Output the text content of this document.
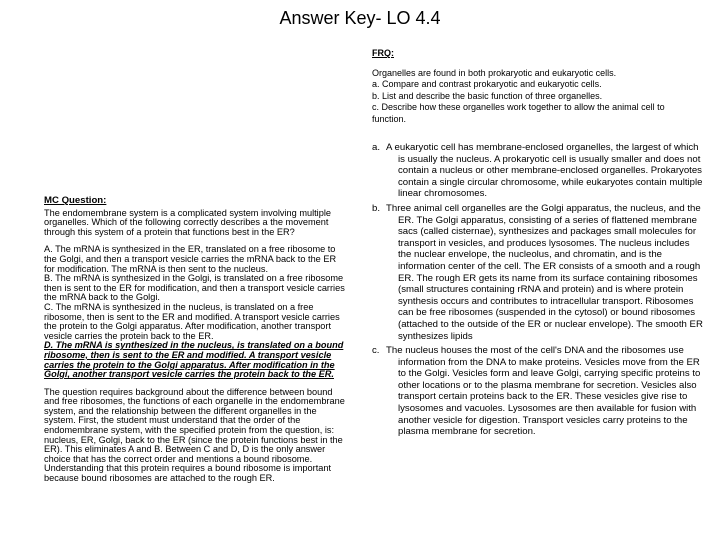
Answer Key- LO 4.4
FRQ:
Organelles are found in both prokaryotic and eukaryotic cells.
a. Compare and contrast prokaryotic and eukaryotic cells.
b. List and describe the basic function of three organelles.
c. Describe how these organelles work together to allow the animal cell to function.
a. A eukaryotic cell has membrane-enclosed organelles, the largest of which is usually the nucleus. A prokaryotic cell is usually smaller and does not contain a nucleus or other membrane-enclosed organelles. Prokaryotes contain a single circular chromosome, while eukaryotes contain multiple linear chromosomes.
b. Three animal cell organelles are the Golgi apparatus, the nucleus, and the ER. The Golgi apparatus, consisting of a series of flattened membrane sacs (called cisternae), synthesizes and packages small molecules for transport in vesicles, and produces lysosomes. The nucleus includes the nuclear envelope, the nucleolus, and chromatin, and is the information center of the cell. The ER consists of a smooth and a rough ER. The rough ER gets its name from its surface containing ribosomes (small structures containing rRNA and protein) and is where protein synthesis occurs and contributes to intracellular transport. Ribosomes can be free ribosomes (suspended in the cytosol) or bound ribosomes (attached to the outside of the ER or nuclear envelope). The smooth ER synthesizes lipids
c. The nucleus houses the most of the cell's DNA and the ribosomes use information from the DNA to make proteins. Vesicles move from the ER to the Golgi. Vesicles form and leave Golgi, carrying specific proteins to other locations or to the plasma membrane for secretion. Vesicles also transport certain proteins back to the ER. These vesicles give rise to lysosomes and vacuoles. Lysosomes are then available for fusion with another vesicle for digestion. Transport vesicles carry proteins to the plasma membrane for secretion.
MC Question:
The endomembrane system is a complicated system involving multiple organelles. Which of the following correctly describes a the movement through this system of a protein that functions best in the ER?
A. The mRNA is synthesized in the ER, translated on a free ribosome to the Golgi, and then a transport vesicle carries the mRNA back to the ER for modification. The mRNA is then sent to the nucleus.
B. The mRNA is synthesized in the Golgi, is translated on a free ribosome then is sent to the ER for modification, and then a transport vesicle carries the mRNA back to the Golgi.
C. The mRNA is synthesized in the nucleus, is translated on a free ribosome, then is sent to the ER and modified. A transport vesicle carries the protein to the Golgi apparatus. After modification, another transport vesicle carries the protein back to the ER.
D. The mRNA is synthesized in the nucleus, is translated on a bound ribosome, then is sent to the ER and modified. A transport vesicle carries the protein to the Golgi apparatus. After modification in the Golgi, another transport vesicle carries the protein back to the ER.
The question requires background about the difference between bound and free ribosomes, the functions of each organelle in the endomembrane system, and the relationship between the different organelles in the system. First, the student must understand that the order of the endomembrane system, with the specified protein from the question, is: nucleus, ER, Golgi, back to the ER (since the protein functions best in the ER). This eliminates A and B. Between C and D, D is the only answer choice that has the correct order and mentions a bound ribosome. Understanding that this protein requires a bound ribosome is important because bound ribosomes are attached to the rough ER.
